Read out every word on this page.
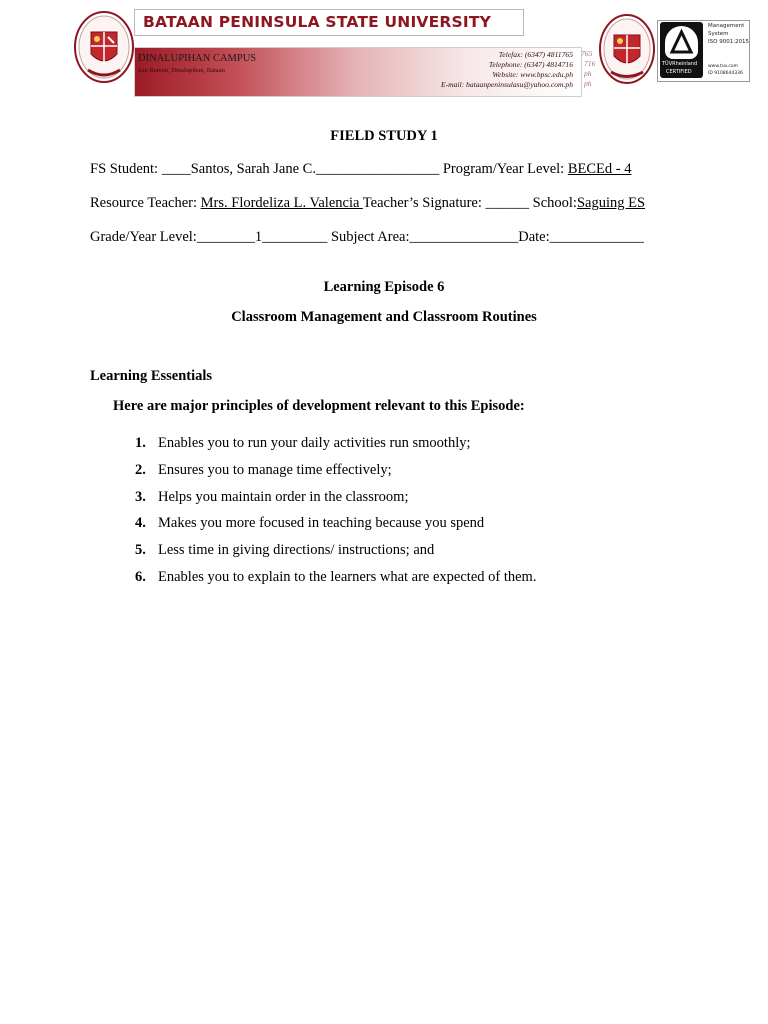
BATAAN PENINSULA STATE UNIVERSITY
DINALUPIHAN CAMPUS
San Ramon, Dinalupihan, Bataan
Telefax: (6347) 4811765
Telephone: (6347) 4814716
Website: www.bpsc.edu.ph
E-mail: bataanpeninsulasu@yahoo.com.ph
765
716
ph
ph
TÜVRheinland
CERTIFIED
Management
System
ISO 9001:2015
www.tuv.com
ID 9108644336
FIELD STUDY 1
FS Student: ____Santos, Sarah Jane C._________________ Program/Year Level: BECEd - 4
Resource Teacher: Mrs. Flordeliza L. Valencia Teacher’s Signature: ______ School:Saguing ES
Grade/Year Level:________1_________ Subject Area:_______________Date:_____________
Learning Episode 6
Classroom Management and Classroom Routines
Learning Essentials
Here are major principles of development relevant to this Episode:
1. Enables you to run your daily activities run smoothly;
2. Ensures you to manage time effectively;
3. Helps you maintain order in the classroom;
4. Makes you more focused in teaching because you spend
5. Less time in giving directions/ instructions; and
6. Enables you to explain to the learners what are expected of them.
